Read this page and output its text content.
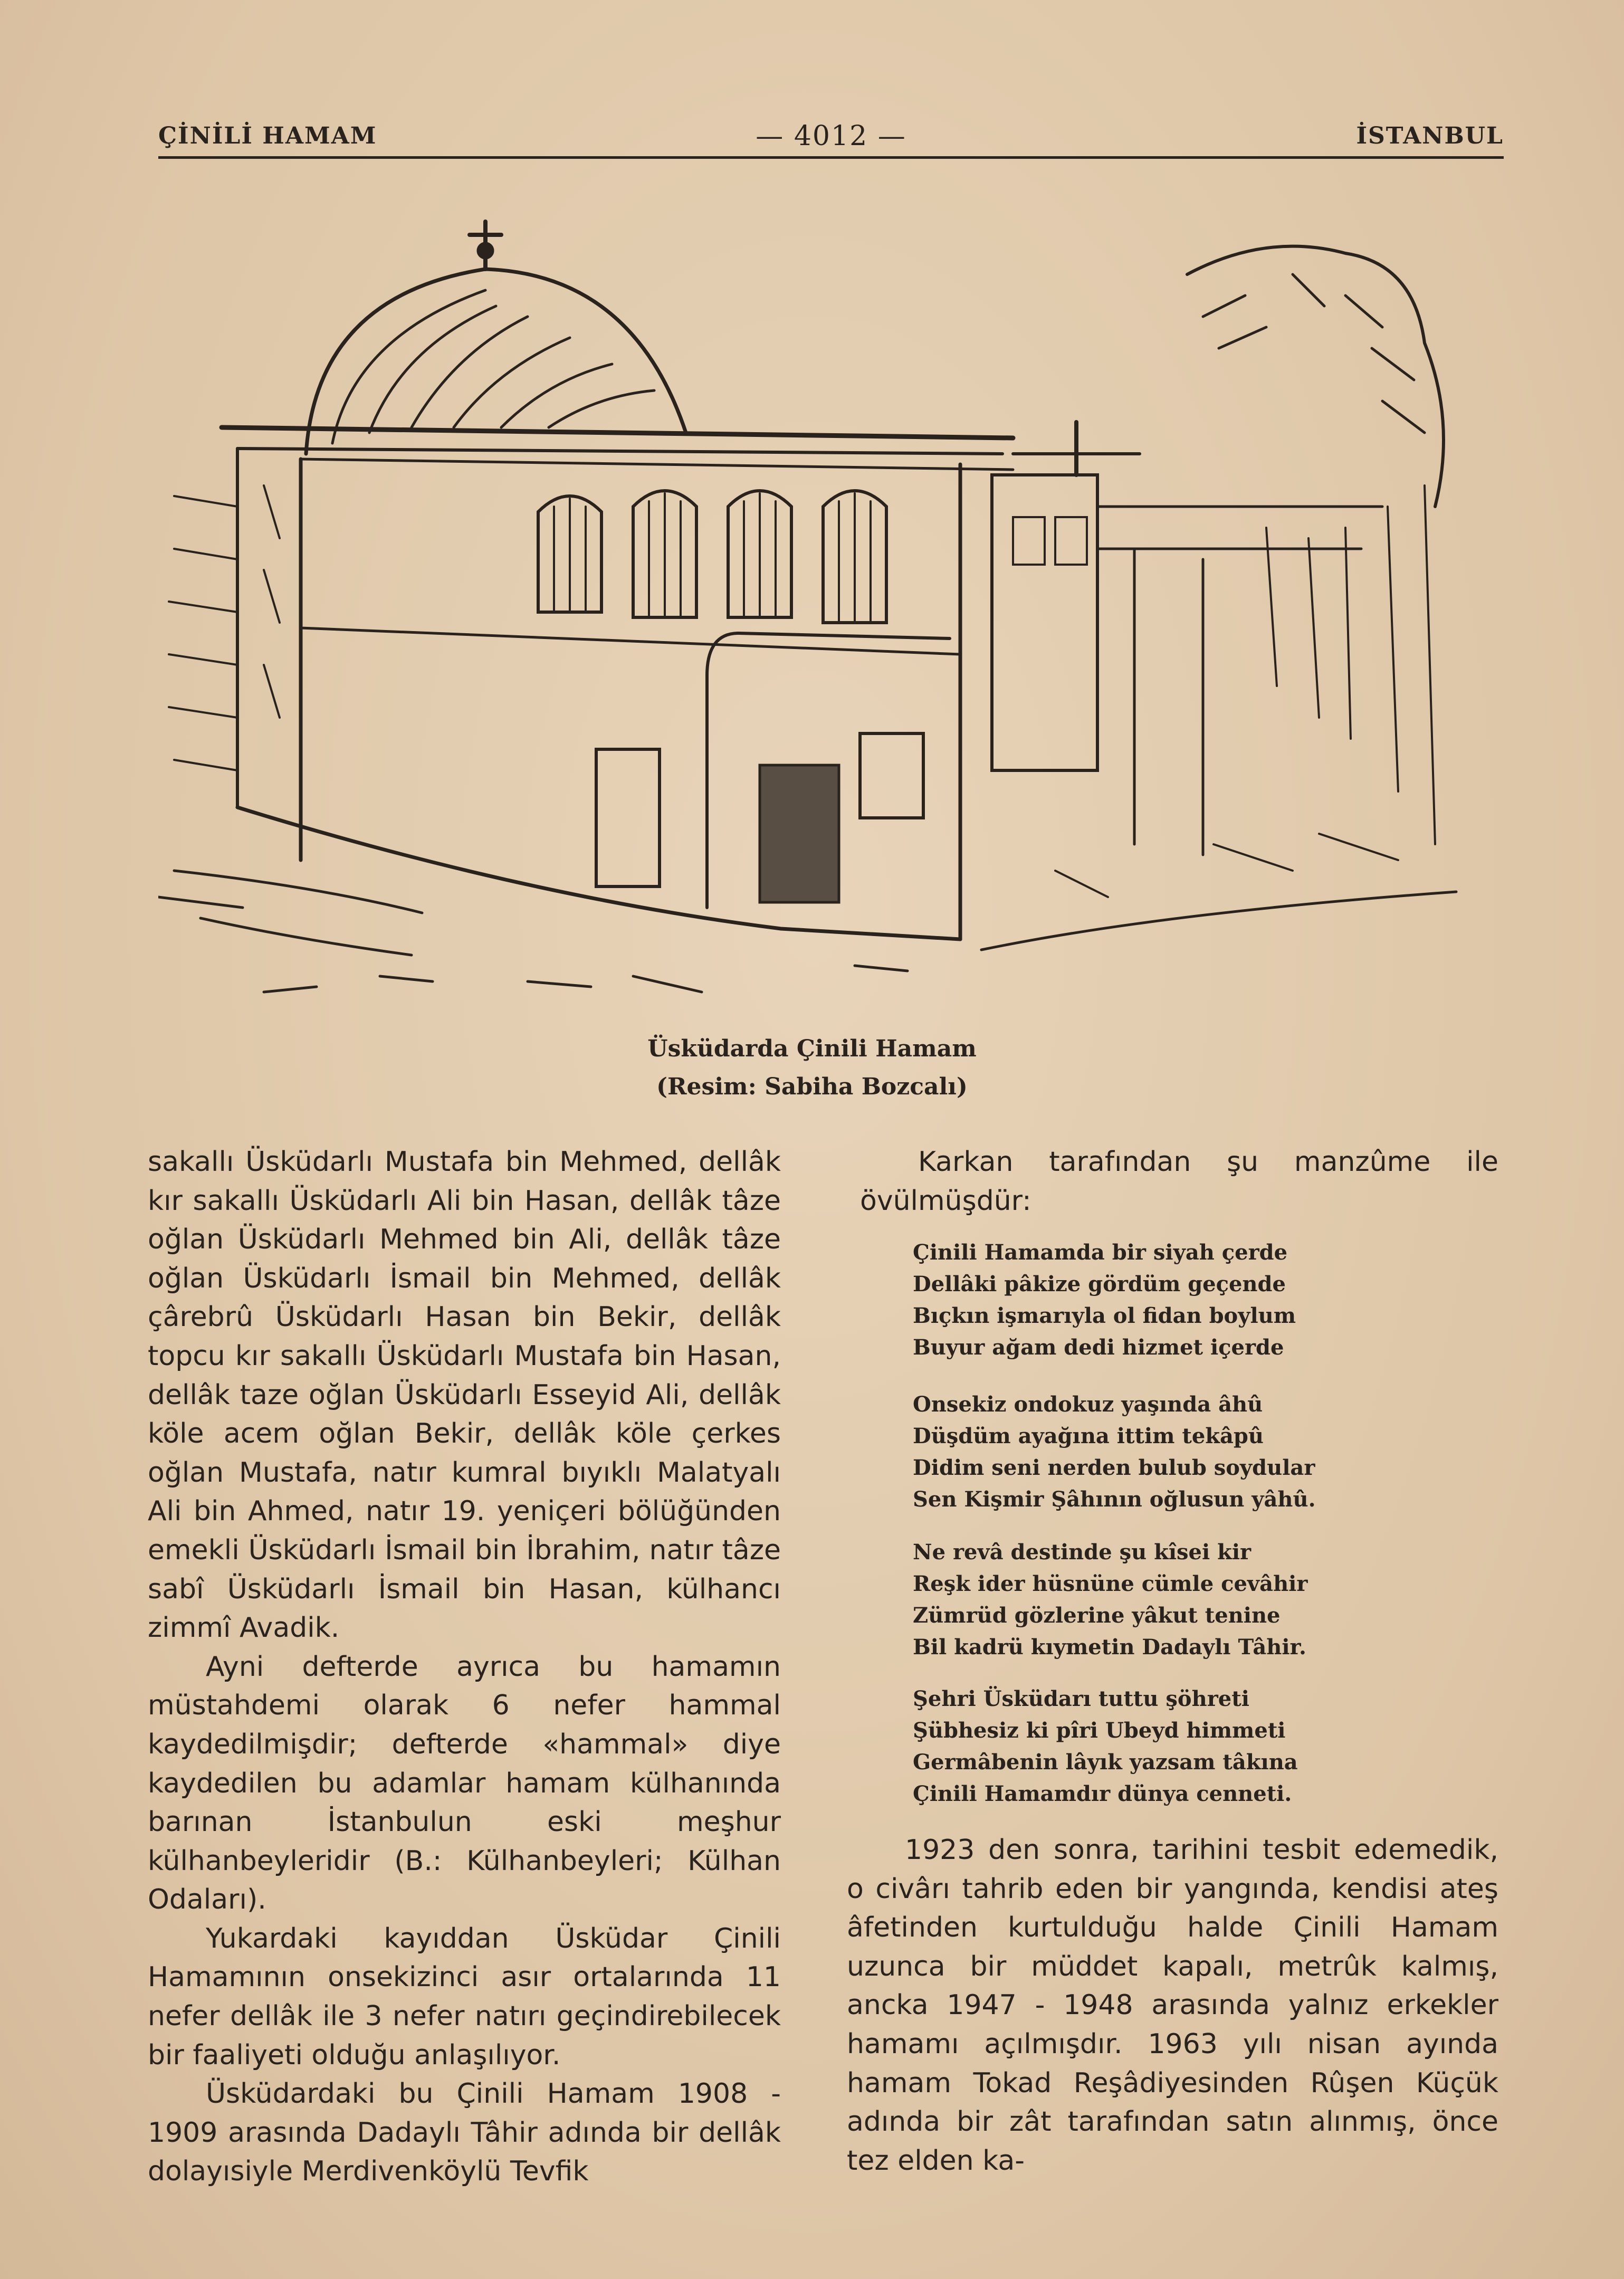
ÇİNİLİ HAMAM	— 4012 —	İSTANBUL
Üsküdarda Çinili Hamam
(Resim: Sabiha Bozcalı)

sakallı Üsküdarlı Mustafa bin Mehmed, dellâk kır sakallı Üsküdarlı Ali bin Hasan, dellâk tâze oğlan Üsküdarlı Mehmed bin Ali, dellâk tâze oğlan Üsküdarlı İsmail bin Mehmed, dellâk çârebrû Üsküdarlı Hasan bin Bekir, dellâk topcu kır sakallı Üsküdarlı Mustafa bin Hasan, dellâk taze oğlan Üsküdarlı Esseyid Ali, dellâk köle acem oğlan Bekir, dellâk köle çerkes oğlan Mustafa, natır kumral bıyıklı Malatyalı Ali bin Ahmed, natır 19. yeniçeri bölüğünden emekli Üsküdarlı İsmail bin İbrahim, natır tâze sabî Üsküdarlı İsmail bin Hasan, külhancı zimmî Avadik.

Ayni defterde ayrıca bu hamamın müstahdemi olarak 6 nefer hammal kaydedilmişdir; defterde «hammal» diye kaydedilen bu adamlar hamam külhanında barınan İstanbulun eski meşhur külhanbeyleridir (B.: Külhanbeyleri; Külhan Odaları).

Yukardaki kayıddan Üsküdar Çinili Hamamının onsekizinci asır ortalarında 11 nefer dellâk ile 3 nefer natırı geçindirebilecek bir faaliyeti olduğu anlaşılıyor.

Üsküdardaki bu Çinili Hamam 1908 - 1909 arasında Dadaylı Tâhir adında bir dellâk dolayısiyle Merdivenköylü Tevfik

Karkan tarafından şu manzûme ile övülmüşdür:

Çinili Hamamda bir siyah çerde
Dellâki pâkize gördüm geçende
Bıçkın işmarıyla ol fidan boylum
Buyur ağam dedi hizmet içerde
Onsekiz ondokuz yaşında âhû
Düşdüm ayağına ittim tekâpû
Didim seni nerden bulub soydular
Sen Kişmir Şâhının oğlusun yâhû.
Ne revâ destinde şu kîsei kir
Reşk ider hüsnüne cümle cevâhir
Zümrüd gözlerine yâkut tenine
Bil kadrü kıymetin Dadaylı Tâhir.
Şehri Üsküdarı tuttu şöhreti
Şübhesiz ki pîri Ubeyd himmeti
Germâbenin lâyık yazsam tâkına
Çinili Hamamdır dünya cenneti.

1923 den sonra, tarihini tesbit edemedik, o civârı tahrib eden bir yangında, kendisi ateş âfetinden kurtulduğu halde Çinili Hamam uzunca bir müddet kapalı, metrûk kalmış, ancka 1947 - 1948 arasında yalnız erkekler hamamı açılmışdır. 1963 yılı nisan ayında hamam Tokad Reşâdiyesinden Rûşen Küçük adında bir zât tarafından satın alınmış, önce tez elden ka-
